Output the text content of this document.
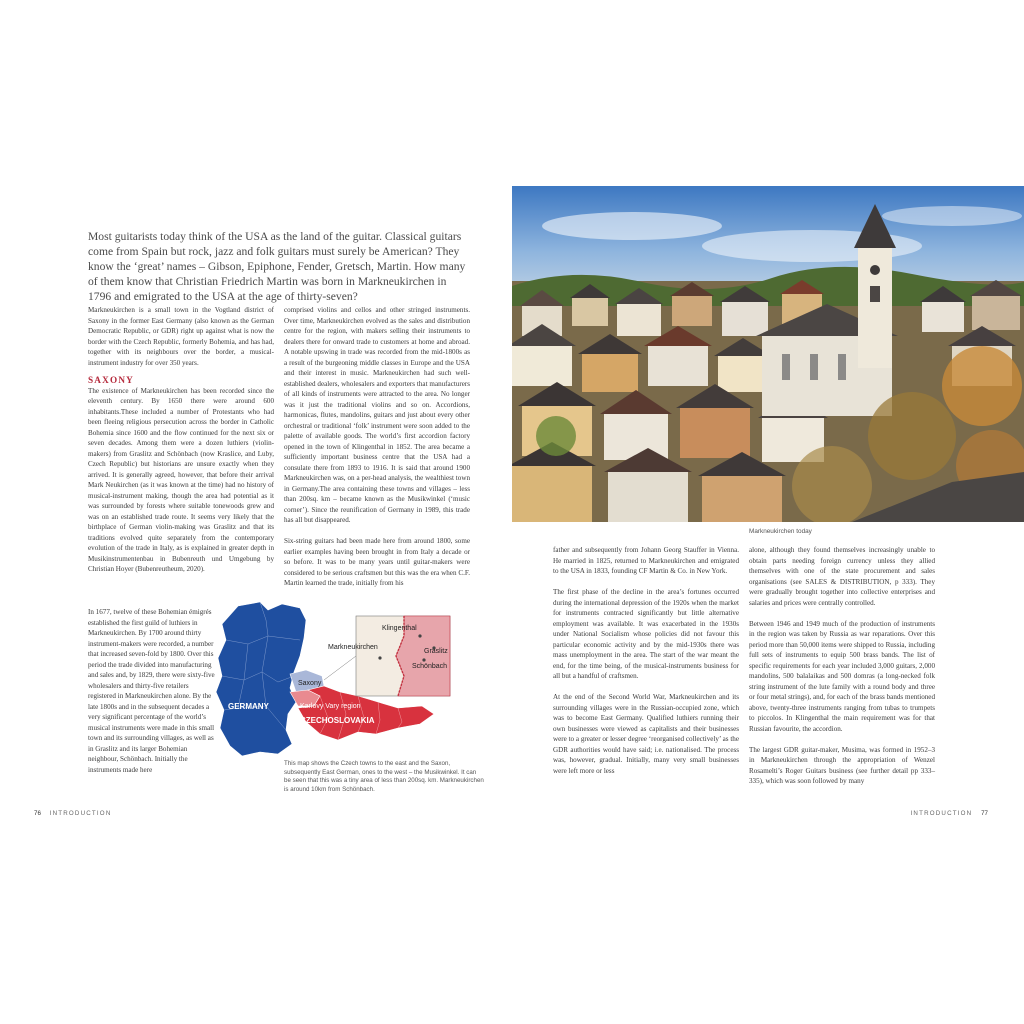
Most guitarists today think of the USA as the land of the guitar. Classical guitars come from Spain but rock, jazz and folk guitars must surely be American? They know the ‘great’ names – Gibson, Epiphone, Fender, Gretsch, Martin. How many of them know that Christian Friedrich Martin was born in Markneukirchen in 1796 and emigrated to the USA at the age of thirty-seven?

Markneukirchen is a small town in the Vogtland district of Saxony in the former East Germany (also known as the German Democratic Republic, or GDR) right up against what is now the border with the Czech Republic, formerly Bohemia, and has had, together with its neighbours over the border, a musical-instrument industry for over 350 years.

SAXONY

The existence of Markneukirchen has been recorded since the eleventh century. By 1650 there were around 600 inhabitants.These included a number of Protestants who had been fleeing religious persecution across the border in Catholic Bohemia since 1600 and the flow continued for the next six or seven decades. Among them were a dozen luthiers (violin-makers) from Graslitz and Schönbach (now Kraslice, and Luby, Czech Republic) but historians are unsure exactly when they arrived. It is generally agreed, however, that before their arrival Mark Neukirchen (as it was known at the time) had no history of musical-instrument making, though the area had potential as it was surrounded by forests where suitable tonewoods grew and was on an established trade route. It seems very likely that the birthplace of German violin-making was Graslitz and that its traditions evolved quite separately from the contemporary evolution of the trade in Italy, as is explained in greater depth in Musikinstrumentenbau in Bubenreuth und Umgebung by Christian Hoyer (Bubenreutheum, 2020).

In 1677, twelve of these Bohemian émigrés established the first guild of luthiers in Markneukirchen. By 1700 around thirty instrument-makers were recorded, a number that increased seven-fold by 1800. Over this period the trade divided into manufacturing and sales and, by 1829, there were sixty-five wholesalers and thirty-five retailers registered in Markneukirchen alone. By the late 1800s and in the subsequent decades a very significant percentage of the world’s musical instruments were made in this small town and its surrounding villages, as well as in Graslitz and its larger Bohemian neighbour, Schönbach. Initially the instruments made here

comprised violins and cellos and other stringed instruments. Over time, Markneukirchen evolved as the sales and distribution centre for the region, with makers selling their instruments to dealers there for onward trade to customers at home and abroad. A notable upswing in trade was recorded from the mid-1800s as a result of the burgeoning middle classes in Europe and the USA and their interest in music. Markneukirchen had such well-established dealers, wholesalers and exporters that manufacturers of all kinds of instruments were attracted to the area. No longer was it just the traditional violins and so on. Accordions, harmonicas, flutes, mandolins, guitars and just about every other orchestral or traditional ‘folk’ instrument were soon added to the palette of available goods. The world’s first accordion factory opened in the town of Klingenthal in 1852. The area became a sufficiently important business centre that the USA had a consulate there from 1893 to 1916. It is said that around 1900 Markneukirchen was, on a per-head analysis, the wealthiest town in Germany.The area containing these towns and villages – less than 200sq. km – became known as the Musikwinkel (‘music corner’). Since the reunification of Germany in 1989, this trade has all but disappeared.

Six-string guitars had been made here from around 1800, some earlier examples having been brought in from Italy a decade or so before. It was to be many years until guitar-makers were considered to be serious craftsmen but this was the era when C.F. Martin learned the trade, initially from his

Klingenthal
Markneukirchen
Graslitz
Schönbach
GERMANY
Saxony
Karlovy Vary region
CZECHOSLOVAKIA

This map shows the Czech towns to the east and the Saxon, subsequently East German, ones to the west – the Musikwinkel. It can be seen that this was a tiny area of less than 200sq. km. Markneukirchen is around 10km from Schönbach.

Markneukirchen today

father and subsequently from Johann Georg Stauffer in Vienna. He married in 1825, returned to Markneukirchen and emigrated to the USA in 1833, founding CF Martin & Co. in New York.

The first phase of the decline in the area’s fortunes occurred during the international depression of the 1920s when the market for instruments contracted significantly but little alternative employment was available. It was exacerbated in the 1930s under National Socialism whose policies did not favour this particular economic activity and by the mid-1930s there was mass unemployment in the area. The start of the war meant the end, for the time being, of the musical-instruments business for all but a handful of craftsmen.

At the end of the Second World War, Markneukirchen and its surrounding villages were in the Russian-occupied zone, which was to become East Germany. Qualified luthiers running their own businesses were viewed as capitalists and their businesses were to a greater or lesser degree ‘reorganised collectively’ as the GDR authorities would have said; i.e. nationalised. The process was, however, gradual. Initially, many very small businesses were left more or less

alone, although they found themselves increasingly unable to obtain parts needing foreign currency unless they allied themselves with one of the state procurement and sales organisations (see SALES & DISTRIBUTION, p 333). They were gradually brought together into collective enterprises and salaries and prices were centrally controlled.

Between 1946 and 1949 much of the production of instruments in the region was taken by Russia as war reparations. Over this period more than 50,000 items were shipped to Russia, including full sets of instruments to equip 500 brass bands. The list of specific requirements for each year included 3,000 guitars, 2,000 mandolins, 500 balalaikas and 500 domras (a long-necked folk string instrument of the lute family with a round body and three or four metal strings), and, for each of the brass bands mentioned above, twenty-three instruments ranging from tubas to trumpets to piccolos. In Klingenthal the main requirement was for that Russian favourite, the accordion.

The largest GDR guitar-maker, Musima, was formed in 1952–3 in Markneukirchen through the appropriation of Wenzel Rosamelti’s Roger Guitars business (see further detail pp 333–335), which was soon followed by many

76 INTRODUCTION	INTRODUCTION 77
